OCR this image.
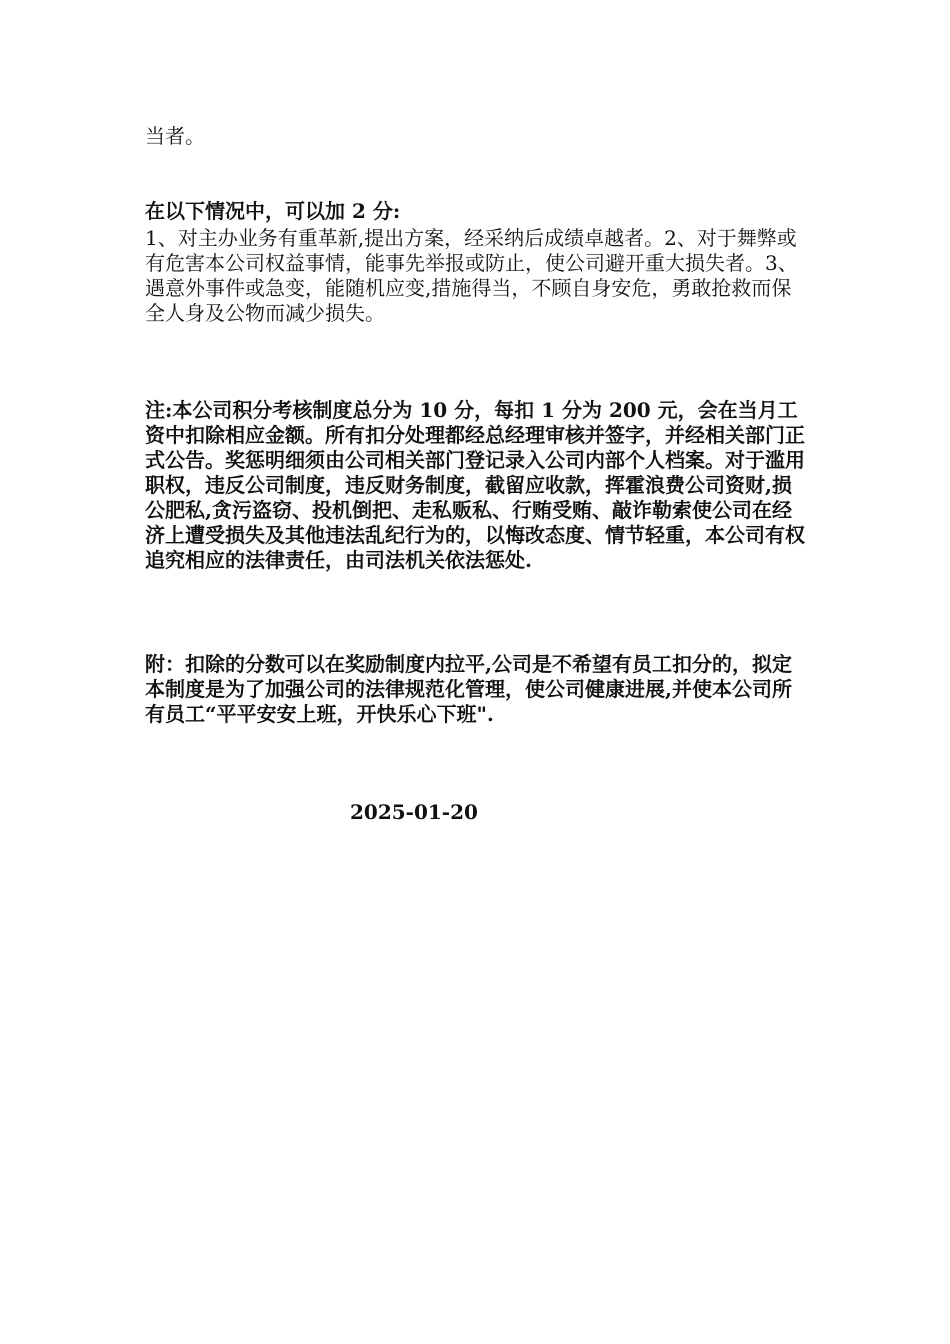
当者。

在以下情况中，可以加 2 分:

1、对主办业务有重革新,提出方案，经采纳后成绩卓越者。2、对于舞弊或有危害本公司权益事情，能事先举报或防止，使公司避开重大损失者。3、遇意外事件或急变，能随机应变,措施得当，不顾自身安危，勇敢抢救而保全人身及公物而减少损失。

注:本公司积分考核制度总分为 10 分，每扣 1 分为 200 元，会在当月工资中扣除相应金额。所有扣分处理都经总经理审核并签字，并经相关部门正式公告。奖惩明细须由公司相关部门登记录入公司内部个人档案。对于滥用职权，违反公司制度，违反财务制度，截留应收款，挥霍浪费公司资财,损公肥私,贪污盗窃、投机倒把、走私贩私、行贿受贿、敲诈勒索使公司在经济上遭受损失及其他违法乱纪行为的，以悔改态度、情节轻重，本公司有权追究相应的法律责任，由司法机关依法惩处.

附：扣除的分数可以在奖励制度内拉平,公司是不希望有员工扣分的，拟定本制度是为了加强公司的法律规范化管理，使公司健康进展,并使本公司所有员工“平平安安上班，开快乐心下班".

2025-01-20
